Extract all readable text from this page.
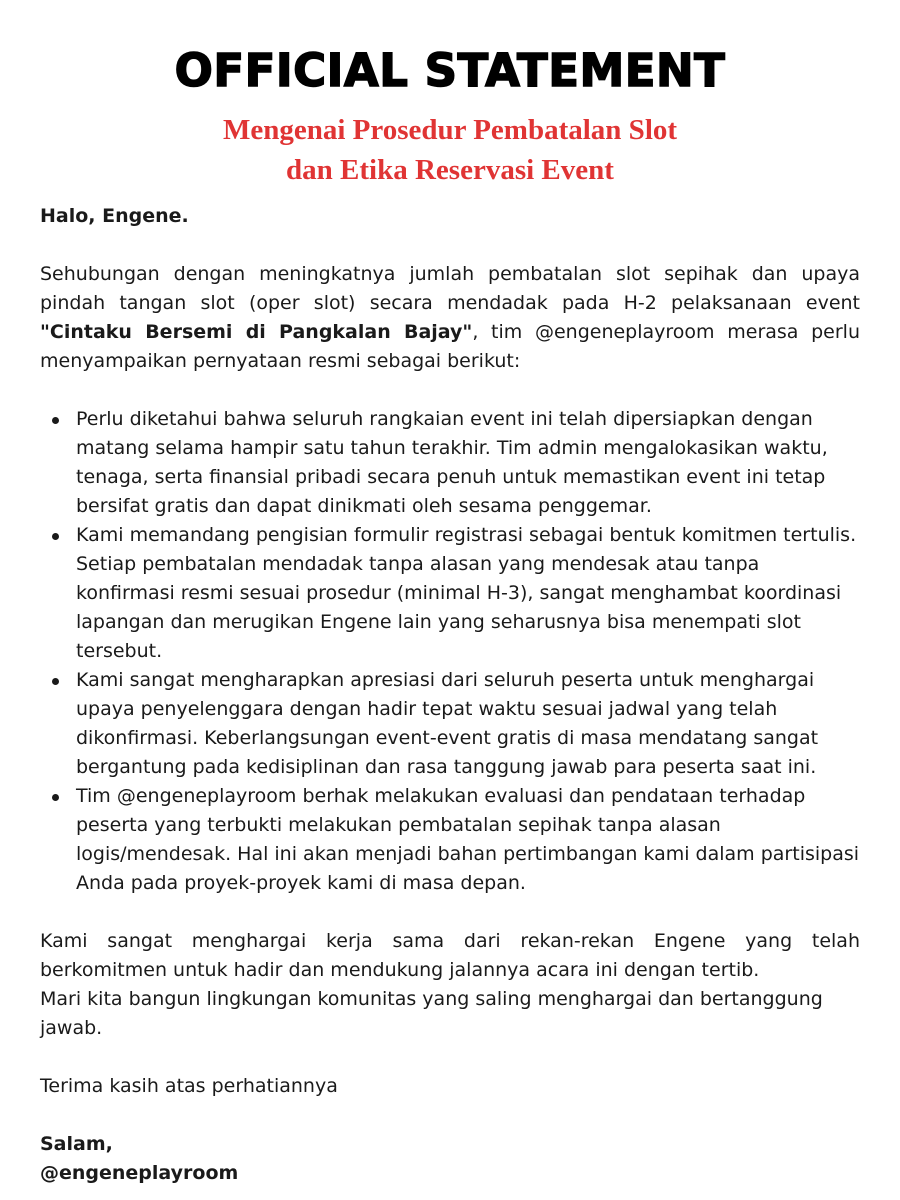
OFFICIAL STATEMENT
Mengenai Prosedur Pembatalan Slot
dan Etika Reservasi Event

Halo, Engene.

Sehubungan dengan meningkatnya jumlah pembatalan slot sepihak dan upaya pindah tangan slot (oper slot) secara mendadak pada H-2 pelaksanaan event "Cintaku Bersemi di Pangkalan Bajay", tim @engeneplayroom merasa perlu menyampaikan pernyataan resmi sebagai berikut:

Perlu diketahui bahwa seluruh rangkaian event ini telah dipersiapkan dengan matang selama hampir satu tahun terakhir. Tim admin mengalokasikan waktu, tenaga, serta finansial pribadi secara penuh untuk memastikan event ini tetap bersifat gratis dan dapat dinikmati oleh sesama penggemar.
Kami memandang pengisian formulir registrasi sebagai bentuk komitmen tertulis. Setiap pembatalan mendadak tanpa alasan yang mendesak atau tanpa konfirmasi resmi sesuai prosedur (minimal H-3), sangat menghambat koordinasi lapangan dan merugikan Engene lain yang seharusnya bisa menempati slot tersebut.
Kami sangat mengharapkan apresiasi dari seluruh peserta untuk menghargai upaya penyelenggara dengan hadir tepat waktu sesuai jadwal yang telah dikonfirmasi. Keberlangsungan event-event gratis di masa mendatang sangat bergantung pada kedisiplinan dan rasa tanggung jawab para peserta saat ini.
Tim @engeneplayroom berhak melakukan evaluasi dan pendataan terhadap peserta yang terbukti melakukan pembatalan sepihak tanpa alasan logis/mendesak. Hal ini akan menjadi bahan pertimbangan kami dalam partisipasi Anda pada proyek-proyek kami di masa depan.

Kami sangat menghargai kerja sama dari rekan-rekan Engene yang telah berkomitmen untuk hadir dan mendukung jalannya acara ini dengan tertib.

Mari kita bangun lingkungan komunitas yang saling menghargai dan bertanggung jawab.

Terima kasih atas perhatiannya

Salam,

@engeneplayroom
